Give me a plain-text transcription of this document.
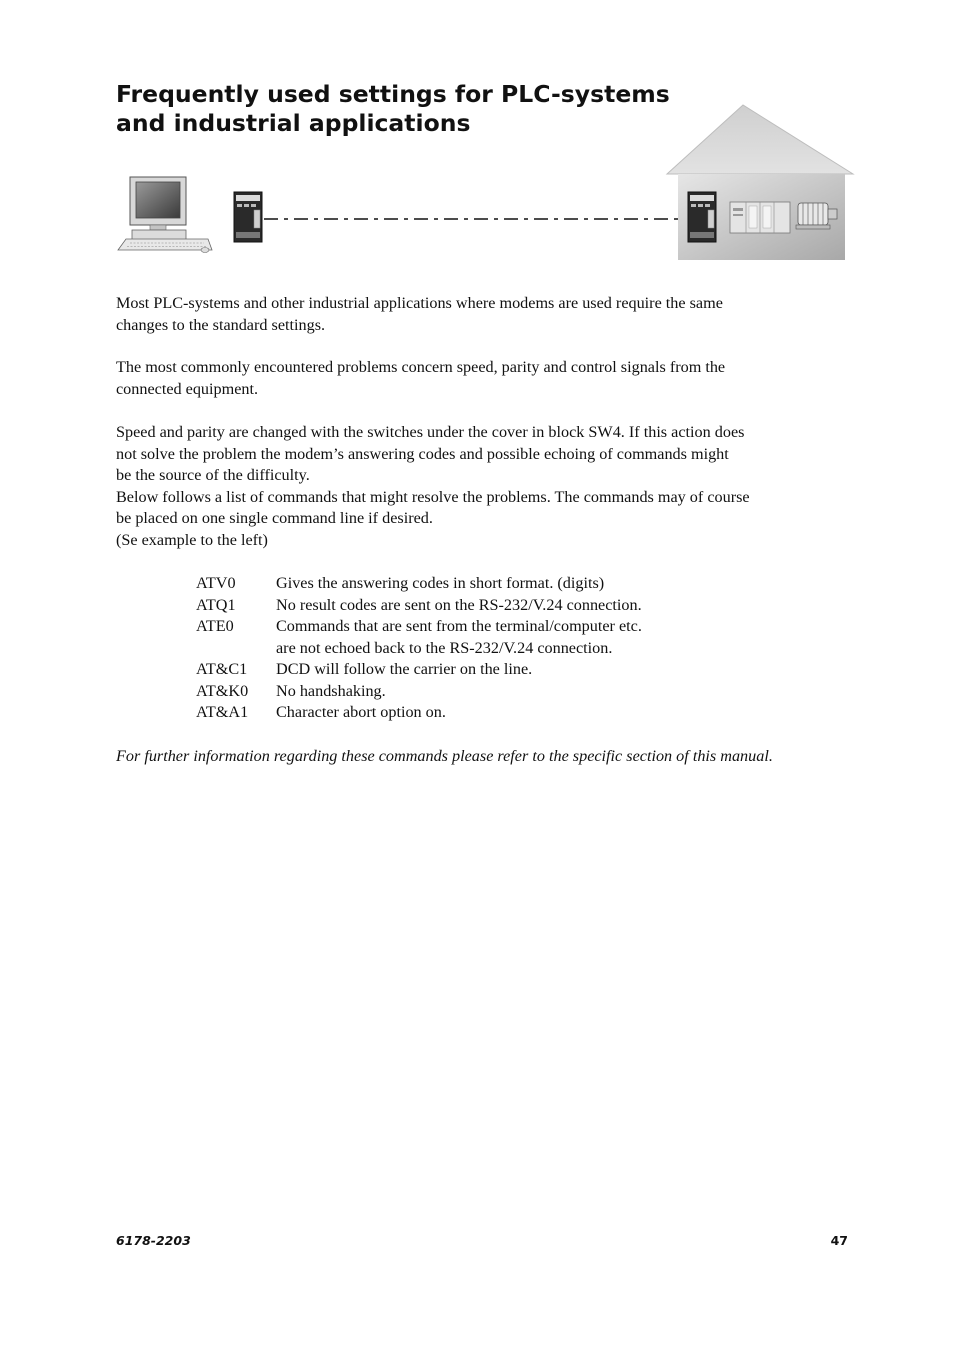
Frequently used settings for PLC-systems
and industrial applications

Most PLC-systems and other industrial applications where modems are used require the same
changes to the standard settings.

The most commonly encountered problems concern speed, parity and control signals from the
connected equipment.

Speed and parity are changed with the switches under the cover in block SW4. If this action does
not solve the problem the modem’s answering codes and possible echoing of commands might
be the source of the difficulty.
Below follows a list of commands that might resolve the problems. The commands may of course
be placed on one single command line if desired.
(Se example to the left)

ATV0	Gives the answering codes in short format. (digits)
ATQ1	No result codes are sent on the RS-232/V.24 connection.
ATE0	Commands that are sent from the terminal/computer etc.
are not echoed back to the RS-232/V.24 connection.
AT&C1	DCD will follow the carrier on the line.
AT&K0	No handshaking.
AT&A1	Character abort option on.

For further information regarding these commands please refer to the specific section of this manual.

6178-2203	47
